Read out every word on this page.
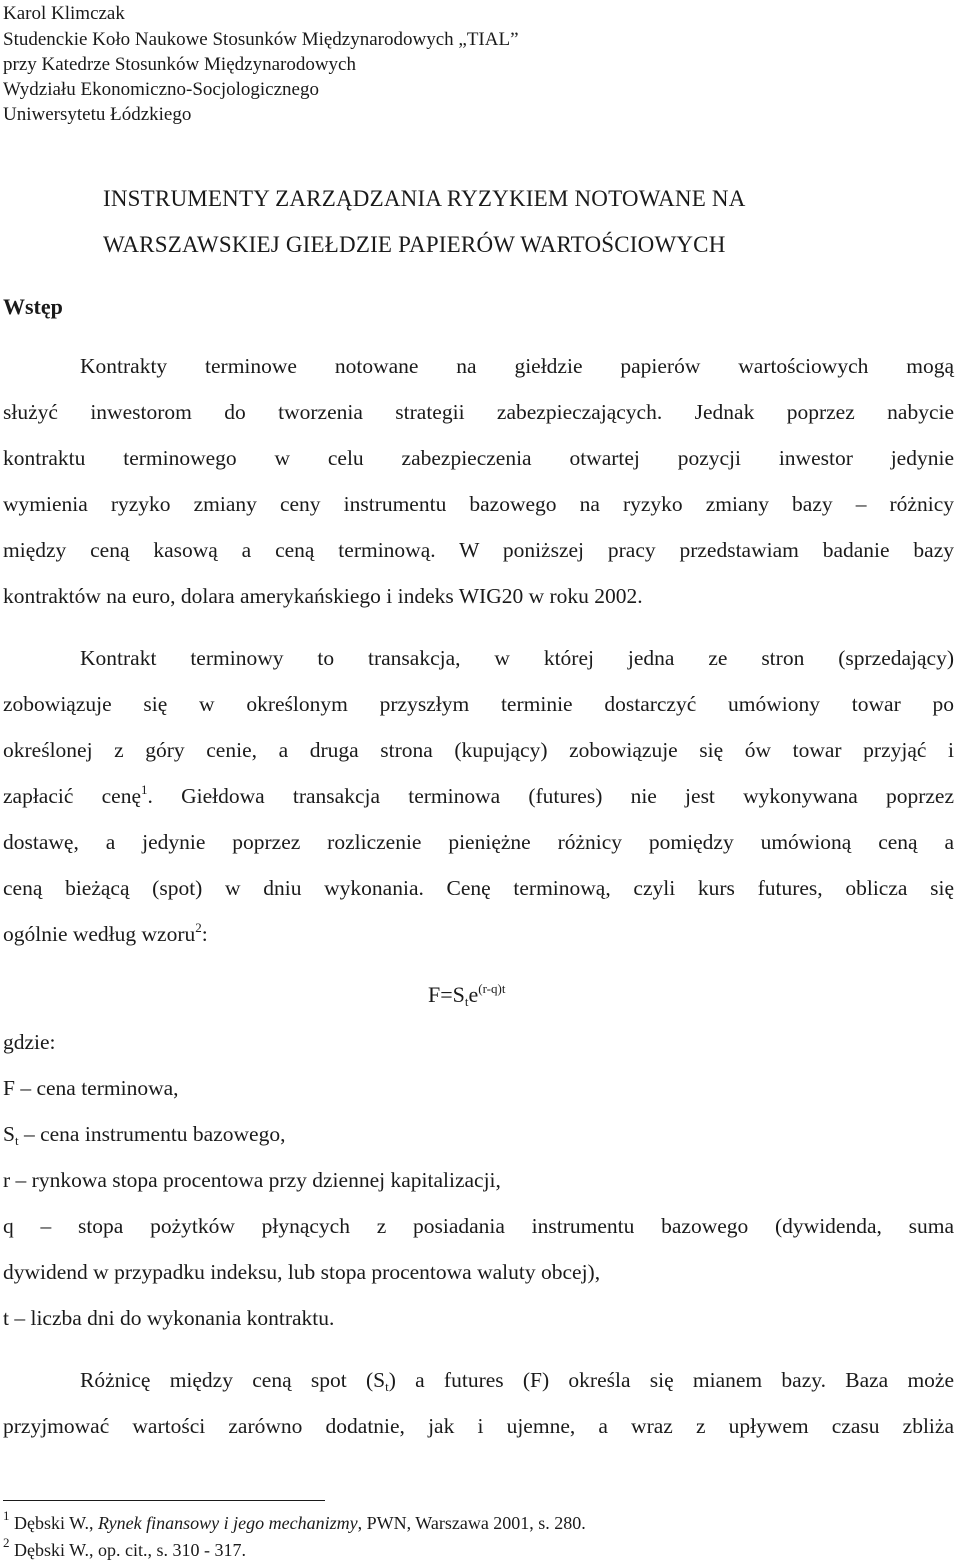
Karol Klimczak
Studenckie Koło Naukowe Stosunków Międzynarodowych „TIAL”
przy Katedrze Stosunków Międzynarodowych
Wydziału Ekonomiczno-Socjologicznego
Uniwersytetu Łódzkiego
INSTRUMENTY ZARZĄDZANIA RYZYKIEM NOTOWANE NA
WARSZAWSKIEJ GIEŁDZIE PAPIERÓW WARTOŚCIOWYCH
Wstęp
Kontrakty terminowe notowane na giełdzie papierów wartościowych mogą
służyć inwestorom do tworzenia strategii zabezpieczających. Jednak poprzez nabycie
kontraktu terminowego w celu zabezpieczenia otwartej pozycji inwestor jedynie
wymienia ryzyko zmiany ceny instrumentu bazowego na ryzyko zmiany bazy – różnicy
między ceną kasową a ceną terminową. W poniższej pracy przedstawiam badanie bazy
kontraktów na euro, dolara amerykańskiego i indeks WIG20 w roku 2002.
Kontrakt terminowy to transakcja, w której jedna ze stron (sprzedający)
zobowiązuje się w określonym przyszłym terminie dostarczyć umówiony towar po
określonej z góry cenie, a druga strona (kupujący) zobowiązuje się ów towar przyjąć i
zapłacić cenę$^1$. Giełdowa transakcja terminowa (futures) nie jest wykonywana poprzez
dostawę, a jedynie poprzez rozliczenie pieniężne różnicy pomiędzy umówioną ceną a
ceną bieżącą (spot) w dniu wykonania. Cenę terminową, czyli kurs futures, oblicza się
ogólnie według wzoru$^2$:
$F=S_te^{(r-q)t}$
gdzie:
F – cena terminowa,
$S_t$ – cena instrumentu bazowego,
r – rynkowa stopa procentowa przy dziennej kapitalizacji,
q – stopa pożytków płynących z posiadania instrumentu bazowego (dywidenda, suma
dywidend w przypadku indeksu, lub stopa procentowa waluty obcej),
t – liczba dni do wykonania kontraktu.
Różnicę między ceną spot $(S_t)$ a futures (F) określa się mianem bazy. Baza może
przyjmować wartości zarówno dodatnie, jak i ujemne, a wraz z upływem czasu zbliża
$^1$ Dębski W., Rynek finansowy i jego mechanizmy, PWN, Warszawa 2001, s. 280.
$^2$ Dębski W., op. cit., s. 310 - 317.
